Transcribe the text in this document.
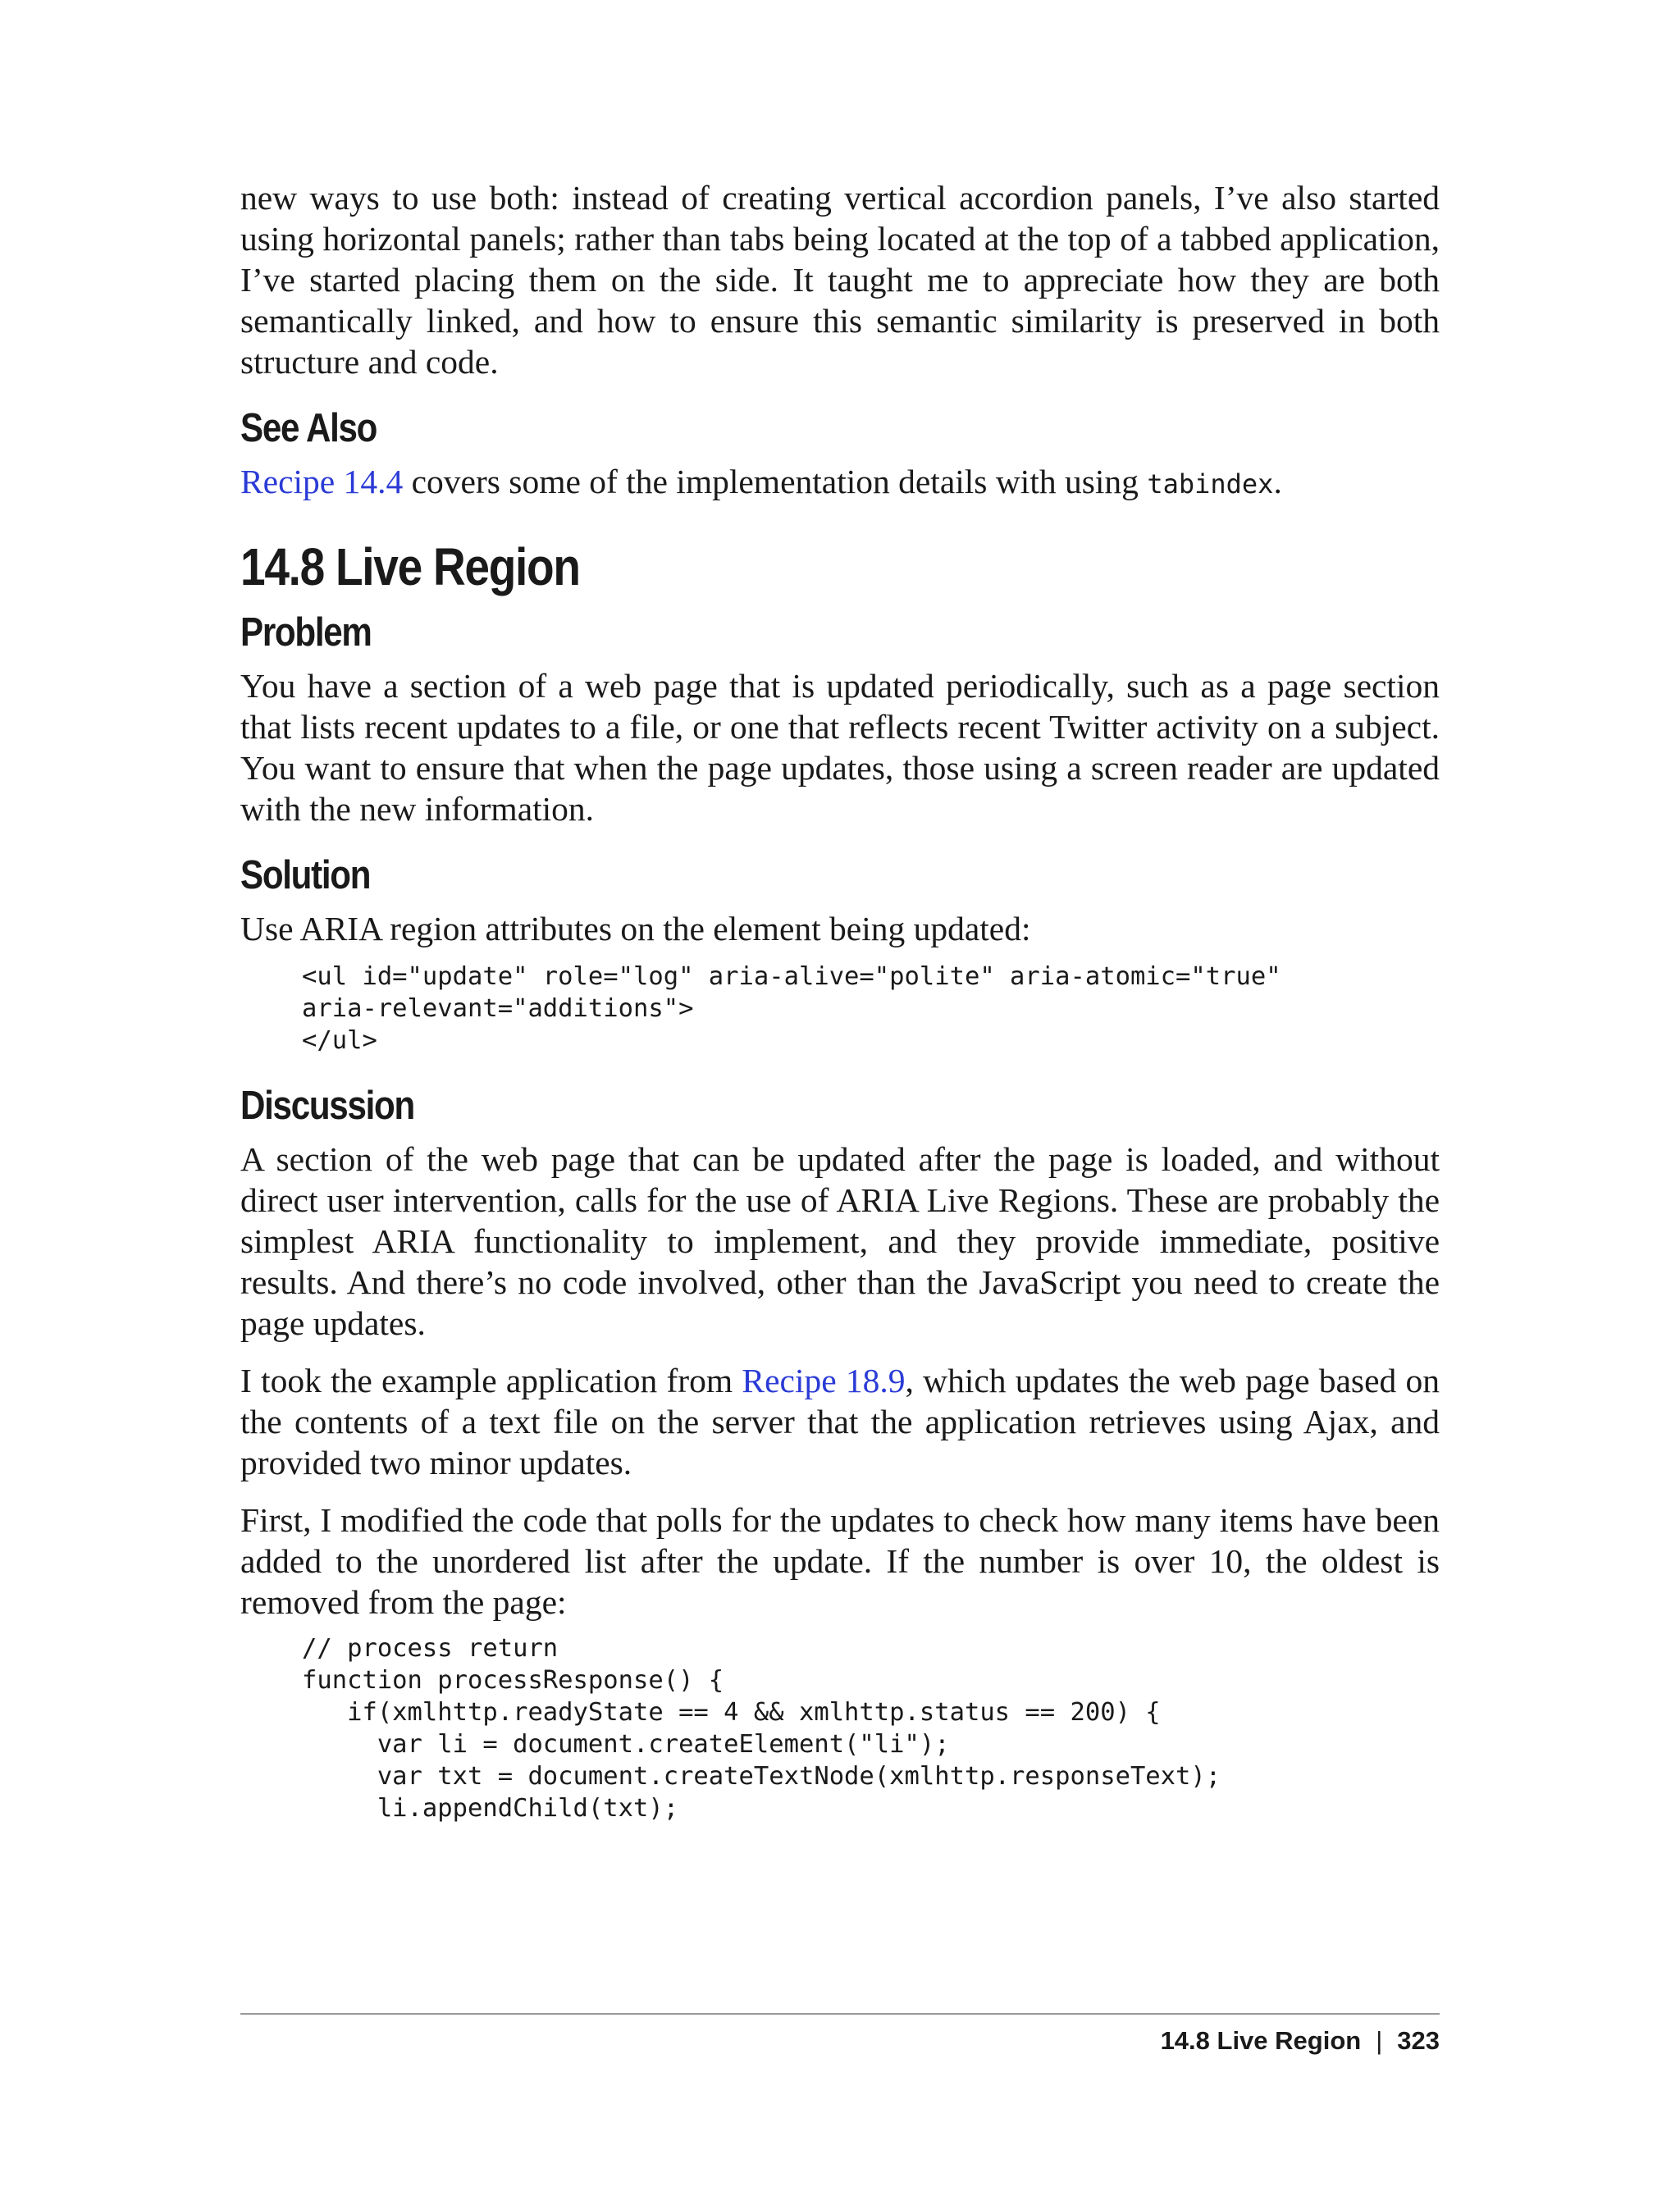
new ways to use both: instead of creating vertical accordion panels, I’ve also started using horizontal panels; rather than tabs being located at the top of a tabbed application, I’ve started placing them on the side. It taught me to appreciate how they are both semantically linked, and how to ensure this semantic similarity is preserved in both structure and code.

See Also

Recipe 14.4 covers some of the implementation details with using tabindex.

14.8 Live Region
Problem

You have a section of a web page that is updated periodically, such as a page section that lists recent updates to a file, or one that reflects recent Twitter activity on a subject. You want to ensure that when the page updates, those using a screen reader are updated with the new information.

Solution

Use ARIA region attributes on the element being updated:

<ul id="update" role="log" aria-alive="polite" aria-atomic="true"
aria-relevant="additions">
</ul>
Discussion

A section of the web page that can be updated after the page is loaded, and without direct user intervention, calls for the use of ARIA Live Regions. These are probably the simplest ARIA functionality to implement, and they provide immediate, positive results. And there’s no code involved, other than the JavaScript you need to create the page updates.

I took the example application from Recipe 18.9, which updates the web page based on the contents of a text file on the server that the application retrieves using Ajax, and provided two minor updates.

First, I modified the code that polls for the updates to check how many items have been added to the unordered list after the update. If the number is over 10, the oldest is removed from the page:

// process return
function processResponse() {
if(xmlhttp.readyState == 4 && xmlhttp.status == 200) {
var li = document.createElement("li");
var txt = document.createTextNode(xmlhttp.responseText);
li.appendChild(txt);
14.8 Live Region | 323
